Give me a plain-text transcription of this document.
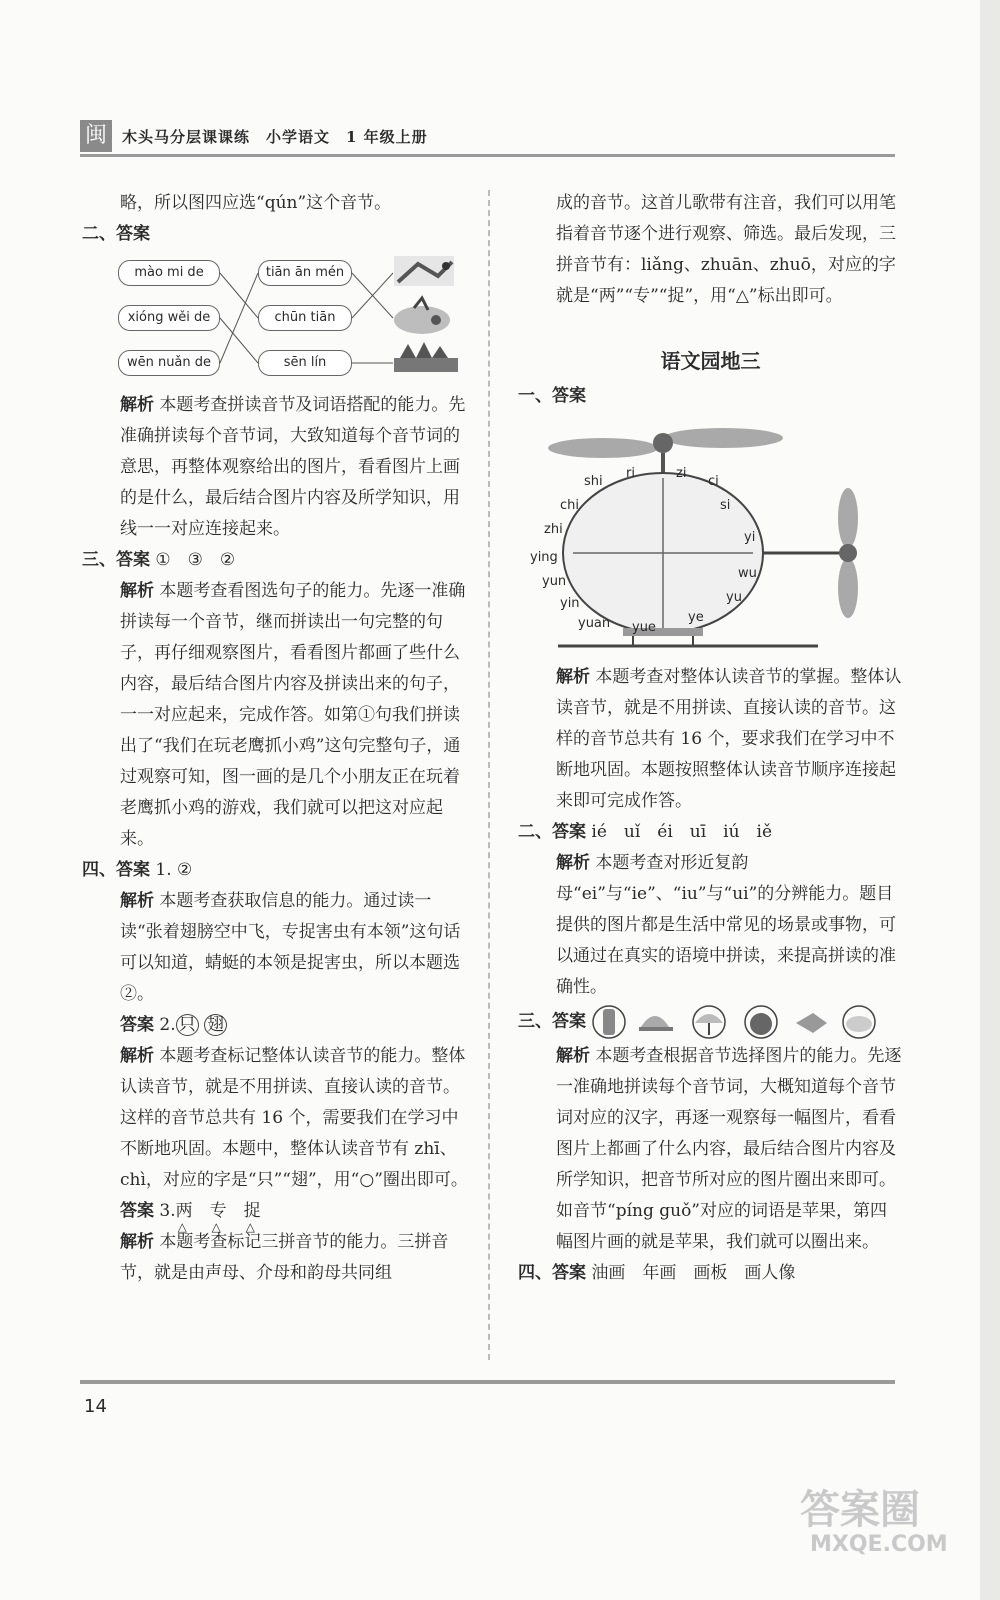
闽	木头马分层课课练　小学语文　1 年级上册

略，所以图四应选“qún”这个音节。

二、答案

mào mi de
xióng wěi de
wēn nuǎn de
tiān ān mén
chūn tiān
sēn lín

解析 本题考查拼读音节及词语搭配的能力。先准确拼读每个音节词，大致知道每个音节词的意思，再整体观察给出的图片，看看图片上画的是什么，最后结合图片内容及所学知识，用线一一对应连接起来。

三、答案 ①　③　②

解析 本题考查看图选句子的能力。先逐一准确拼读每一个音节，继而拼读出一句完整的句子，再仔细观察图片，看看图片都画了些什么内容，最后结合图片内容及拼读出来的句子，一一对应起来，完成作答。如第①句我们拼读出了“我们在玩老鹰抓小鸡”这句完整句子，通过观察可知，图一画的是几个小朋友正在玩着老鹰抓小鸡的游戏，我们就可以把这对应起来。

四、答案 1. ②

解析 本题考查获取信息的能力。通过读一读“张着翅膀空中飞，专捉害虫有本领”这句话可以知道，蜻蜓的本领是捉害虫，所以本题选②。

答案 2. 只 翅

解析 本题考查标记整体认读音节的能力。整体认读音节，就是不用拼读、直接认读的音节。这样的音节总共有 16 个，需要我们在学习中不断地巩固。本题中，整体认读音节有 zhī、chì，对应的字是“只”“翅”，用“○”圈出即可。

答案 3.两 △　 专 △　 捉 △

解析 本题考查标记三拼音节的能力。三拼音节，就是由声母、介母和韵母共同组

成的音节。这首儿歌带有注音，我们可以用笔指着音节逐个进行观察、筛选。最后发现，三拼音节有：liǎng、zhuān、zhuō，对应的字就是“两”“专”“捉”，用“△”标出即可。

语文园地三

一、答案

shi
ri	zi
ci
chi	si
zhi
yi
ying
wu
yun
yu
yin
ye
yuan yue

解析 本题考查对整体认读音节的掌握。整体认读音节，就是不用拼读、直接认读的音节。这样的音节总共有 16 个，要求我们在学习中不断地巩固。本题按照整体认读音节顺序连接起来即可完成作答。

二、答案 ié　uǐ　éi　uī　iú　iě

解析 本题考查对形近复韵母“ei”与“ie”、“iu”与“ui”的分辨能力。题目提供的图片都是生活中常见的场景或事物，可以通过在真实的语境中拼读，来提高拼读的准确性。

三、答案

解析 本题考查根据音节选择图片的能力。先逐一准确地拼读每个音节词，大概知道每个音节词对应的汉字，再逐一观察每一幅图片，看看图片上都画了什么内容，最后结合图片内容及所学知识，把音节所对应的图片圈出来即可。如音节“píng guǒ”对应的词语是苹果，第四幅图片画的就是苹果，我们就可以圈出来。

四、答案 油画　年画　画板　画人像

14
答案圈
MXQE.COM
